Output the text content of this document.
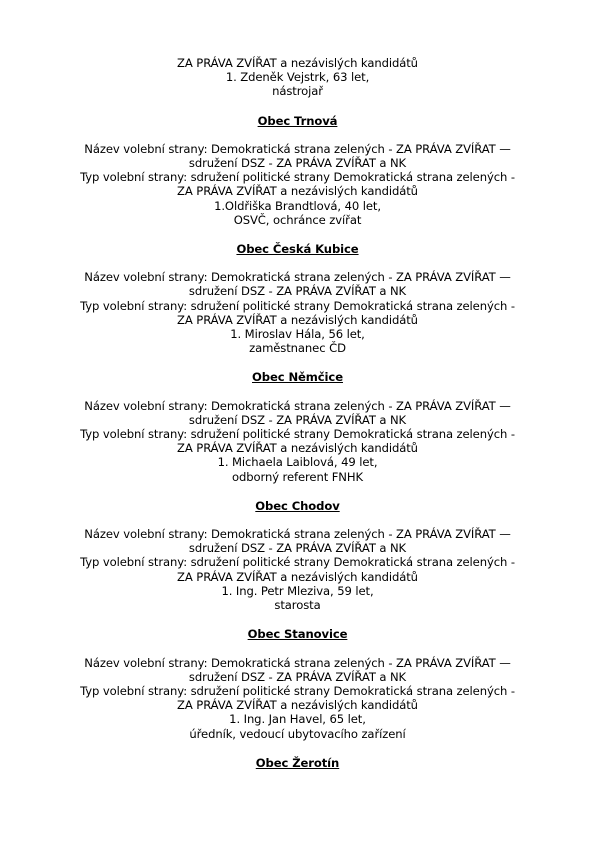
ZA PRÁVA ZVÍŘAT a nezávislých kandidátů
1. Zdeněk Vejstrk, 63 let,
nástrojař
Obec Trnová
Název volební strany: Demokratická strana zelených - ZA PRÁVA ZVÍŘAT —
sdružení DSZ - ZA PRÁVA ZVÍŘAT a NK
Typ volební strany: sdružení politické strany Demokratická strana zelených -
ZA PRÁVA ZVÍŘAT a nezávislých kandidátů
1.Oldřiška Brandtlová, 40 let,
OSVČ, ochránce zvířat
Obec Česká Kubice
Název volební strany: Demokratická strana zelených - ZA PRÁVA ZVÍŘAT —
sdružení DSZ - ZA PRÁVA ZVÍŘAT a NK
Typ volební strany: sdružení politické strany Demokratická strana zelených -
ZA PRÁVA ZVÍŘAT a nezávislých kandidátů
1. Miroslav Hála, 56 let,
zaměstnanec ČD
Obec Němčice
Název volební strany: Demokratická strana zelených - ZA PRÁVA ZVÍŘAT —
sdružení DSZ - ZA PRÁVA ZVÍŘAT a NK
Typ volební strany: sdružení politické strany Demokratická strana zelených -
ZA PRÁVA ZVÍŘAT a nezávislých kandidátů
1. Michaela Laiblová, 49 let,
odborný referent FNHK
Obec Chodov
Název volební strany: Demokratická strana zelených - ZA PRÁVA ZVÍŘAT —
sdružení DSZ - ZA PRÁVA ZVÍŘAT a NK
Typ volební strany: sdružení politické strany Demokratická strana zelených -
ZA PRÁVA ZVÍŘAT a nezávislých kandidátů
1. Ing. Petr Mleziva, 59 let,
starosta
Obec Stanovice
Název volební strany: Demokratická strana zelených - ZA PRÁVA ZVÍŘAT —
sdružení DSZ - ZA PRÁVA ZVÍŘAT a NK
Typ volební strany: sdružení politické strany Demokratická strana zelených -
ZA PRÁVA ZVÍŘAT a nezávislých kandidátů
1. Ing. Jan Havel, 65 let,
úředník, vedoucí ubytovacího zařízení
Obec Žerotín
